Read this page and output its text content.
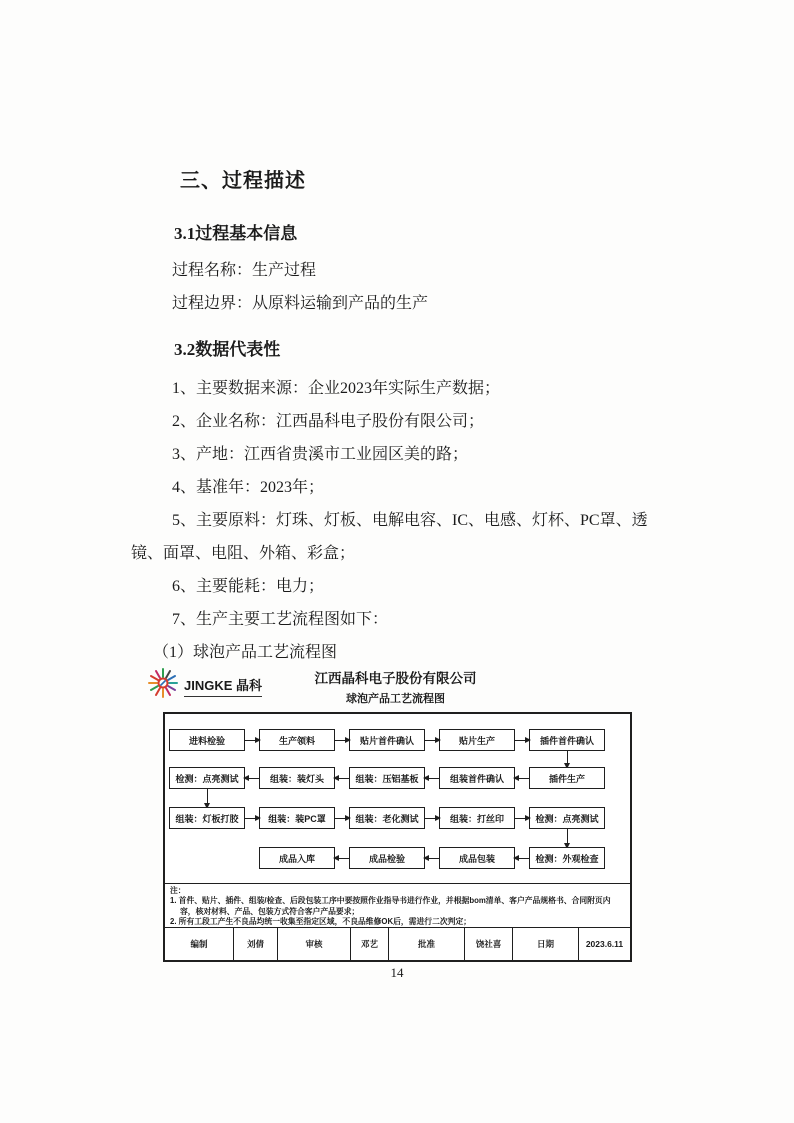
三、过程描述
3.1过程基本信息
过程名称：生产过程
过程边界：从原料运输到产品的生产
3.2数据代表性

1、主要数据来源：企业2023年实际生产数据；

2、企业名称：江西晶科电子股份有限公司；

3、产地：江西省贵溪市工业园区美的路；

4、基准年：2023年；

5、主要原料：灯珠、灯板、电解电容、IC、电感、灯杯、PC罩、透镜、面罩、电阻、外箱、彩盒；

6、主要能耗：电力；

7、生产主要工艺流程图如下：

（1）球泡产品工艺流程图

JINGKE 晶科	江西晶科电子股份有限公司
球泡产品工艺流程图
进料检验	生产领料	贴片首件确认	贴片生产	插件首件确认
检测：点亮测试	组装：装灯头	组装：压铝基板	组装首件确认	插件生产
组装：灯板打胶	组装：装PC罩	组装：老化测试	组装：打丝印	检测：点亮测试
成品入库	成品检验	成品包装	检测：外观检查
注：
1. 首件、贴片、插件、组装/检查、后段包装工序中要按照作业指导书进行作业，并根据bom清单、客户产品规格书、合同附页内容，核对材料、产品、包装方式符合客户产品要求；
2. 所有工段工产生不良品均统一收集至指定区域，不良品维修OK后，需进行二次判定；
编制	刘倩	审核	邓艺	批准	饶社喜	日期	2023.6.11
14
